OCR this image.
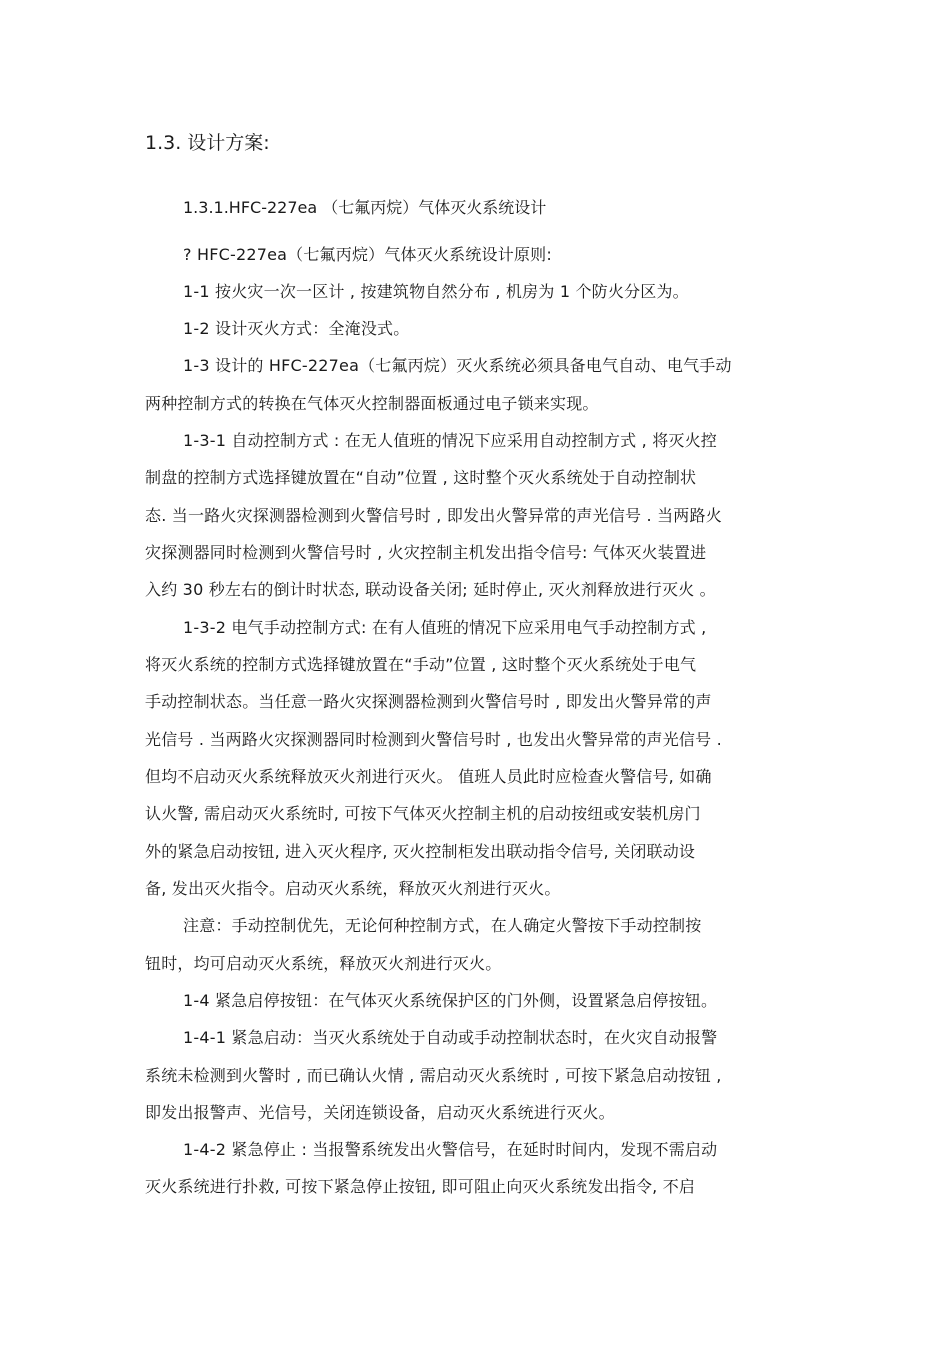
1.3. 设计方案:
1.3.1.HFC-227ea （七氟丙烷）气体灭火系统设计
? HFC-227ea（七氟丙烷）气体灭火系统设计原则:
1-1 按火灾一次一区计 , 按建筑物自然分布 , 机房为 1 个防火分区为。
1-2 设计灭火方式：全淹没式。
1-3 设计的 HFC-227ea（七氟丙烷）灭火系统必须具备电气自动、电气手动
两种控制方式的转换在气体灭火控制器面板通过电子锁来实现。
1-3-1 自动控制方式 : 在无人值班的情况下应采用自动控制方式 , 将灭火控
制盘的控制方式选择键放置在“自动”位置 , 这时整个灭火系统处于自动控制状
态. 当一路火灾探测器检测到火警信号时 , 即发出火警异常的声光信号 . 当两路火
灾探测器同时检测到火警信号时 , 火灾控制主机发出指令信号: 气体灭火装置进
入约 30 秒左右的倒计时状态, 联动设备关闭; 延时停止, 灭火剂释放进行灭火 。
1-3-2 电气手动控制方式: 在有人值班的情况下应采用电气手动控制方式 ,
将灭火系统的控制方式选择键放置在“手动”位置 , 这时整个灭火系统处于电气
手动控制状态。当任意一路火灾探测器检测到火警信号时 , 即发出火警异常的声
光信号 . 当两路火灾探测器同时检测到火警信号时 , 也发出火警异常的声光信号 .
但均不启动灭火系统释放灭火剂进行灭火。 值班人员此时应检查火警信号, 如确
认火警, 需启动灭火系统时, 可按下气体灭火控制主机的启动按纽或安装机房门
外的紧急启动按钮, 进入灭火程序, 灭火控制柜发出联动指令信号, 关闭联动设
备, 发出灭火指令。启动灭火系统，释放灭火剂进行灭火。
注意：手动控制优先，无论何种控制方式，在人确定火警按下手动控制按
钮时，均可启动灭火系统，释放灭火剂进行灭火。
1-4 紧急启停按钮：在气体灭火系统保护区的门外侧，设置紧急启停按钮。
1-4-1 紧急启动：当灭火系统处于自动或手动控制状态时，在火灾自动报警
系统未检测到火警时 , 而已确认火情 , 需启动灭火系统时 , 可按下紧急启动按钮 ,
即发出报警声、光信号，关闭连锁设备，启动灭火系统进行灭火。
1-4-2 紧急停止 : 当报警系统发出火警信号，在延时时间内，发现不需启动
灭火系统进行扑救, 可按下紧急停止按钮, 即可阻止向灭火系统发出指令, 不启
